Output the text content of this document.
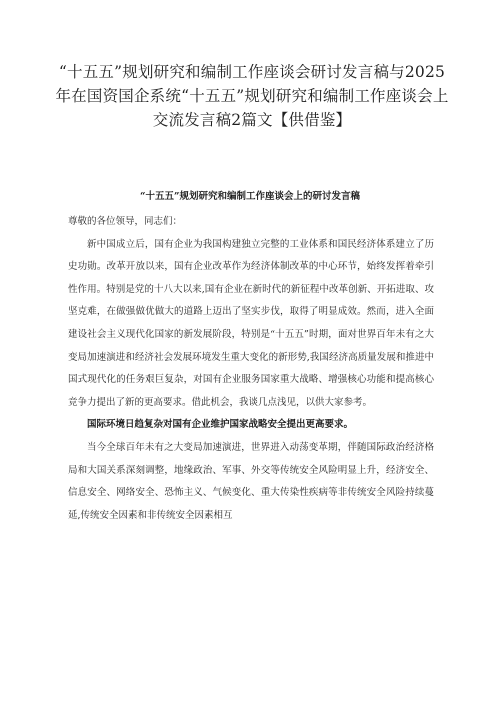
“十五五”规划研究和编制工作座谈会研讨发言稿与2025年在国资国企系统“十五五”规划研究和编制工作座谈会上交流发言稿2篇文【供借鉴】
“十五五”规划研究和编制工作座谈会上的研讨发言稿

尊敬的各位领导，同志们：

新中国成立后，国有企业为我国构建独立完整的工业体系和国民经济体系建立了历史功勋。改革开放以来，国有企业改革作为经济体制改革的中心环节，始终发挥着牵引性作用。特别是党的十八大以来,国有企业在新时代的新征程中改革创新、开拓进取、攻坚克难，在做强做优做大的道路上迈出了坚实步伐，取得了明显成效。然而，进入全面建设社会主义现代化国家的新发展阶段，特别是“十五五”时期，面对世界百年未有之大变局加速演进和经济社会发展环境发生重大变化的新形势,我国经济高质量发展和推进中国式现代化的任务艰巨复杂，对国有企业服务国家重大战略、增强核心功能和提高核心竞争力提出了新的更高要求。借此机会，我谈几点浅见，以供大家参考。

国际环境日趋复杂对国有企业维护国家战略安全提出更高要求。

当今全球百年未有之大变局加速演进，世界进入动荡变革期，伴随国际政治经济格局和大国关系深刻调整，地缘政治、军事、外交等传统安全风险明显上升，经济安全、信息安全、网络安全、恐怖主义、气候变化、重大传染性疾病等非传统安全风险持续蔓延,传统安全因素和非传统安全因素相互
